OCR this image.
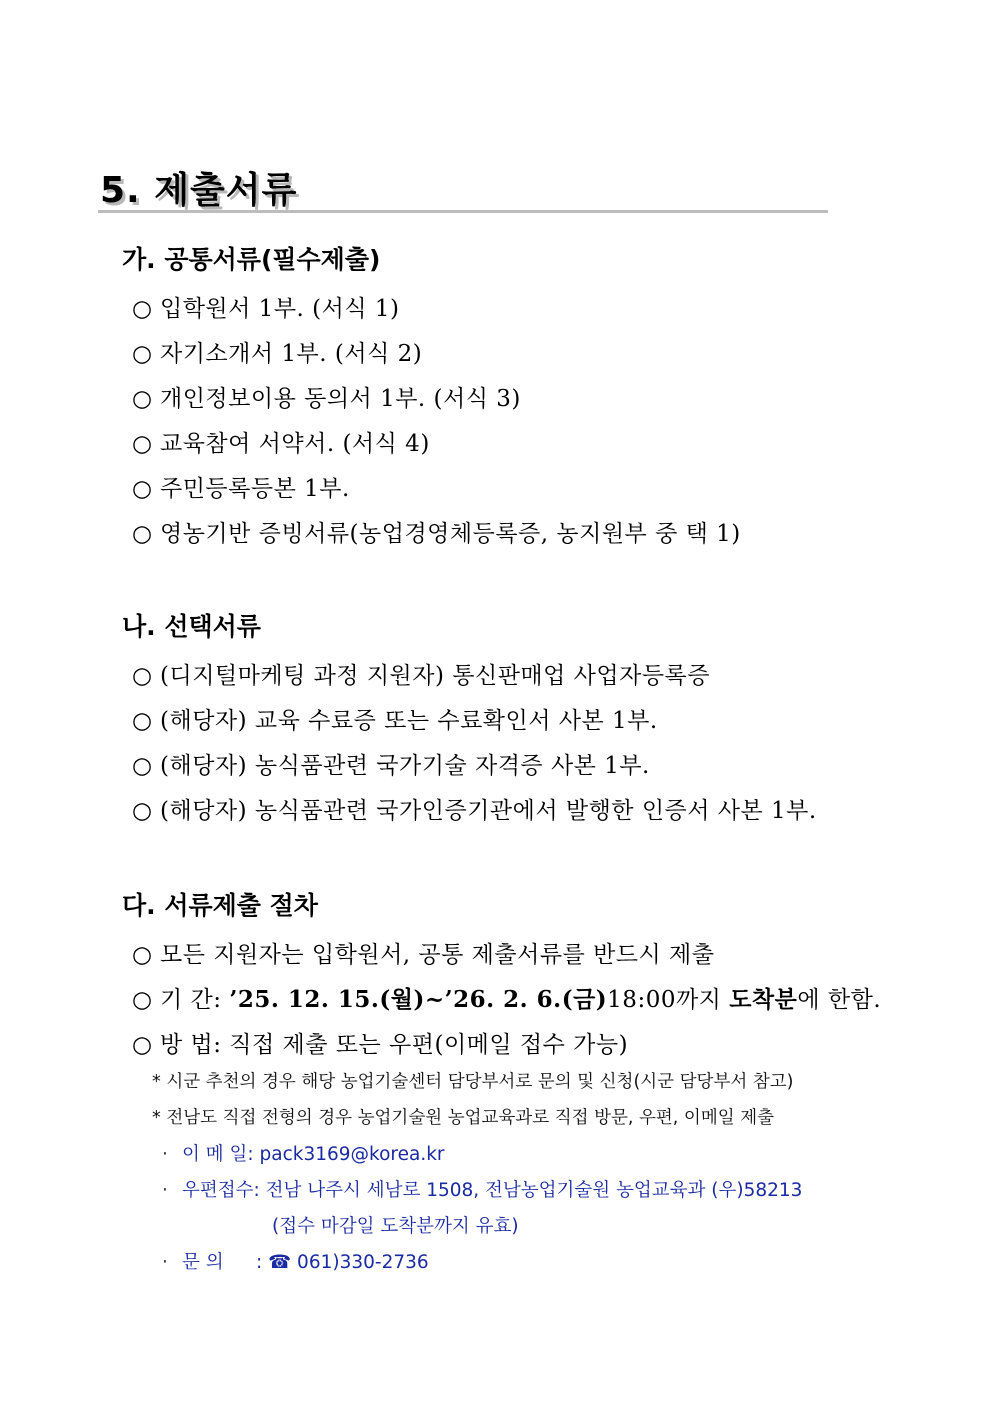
5. 제출서류
가. 공통서류(필수제출)
○ 입학원서 1부. (서식 1)
○ 자기소개서 1부. (서식 2)
○ 개인정보이용 동의서 1부. (서식 3)
○ 교육참여 서약서. (서식 4)
○ 주민등록등본 1부.
○ 영농기반 증빙서류(농업경영체등록증, 농지원부 중 택 1)
나. 선택서류
○ (디지털마케팅 과정 지원자) 통신판매업 사업자등록증
○ (해당자) 교육 수료증 또는 수료확인서 사본 1부.
○ (해당자) 농식품관련 국가기술 자격증 사본 1부.
○ (해당자) 농식품관련 국가인증기관에서 발행한 인증서 사본 1부.
다. 서류제출 절차
○ 모든 지원자는 입학원서, 공통 제출서류를 반드시 제출
○ 기 간: ’25. 12. 15.(월)~’26. 2. 6.(금)18:00까지 도착분에 한함.
○ 방 법: 직접 제출 또는 우편(이메일 접수 가능)
* 시군 추천의 경우 해당 농업기술센터 담당부서로 문의 및 신청(시군 담당부서 참고)
* 전남도 직접 전형의 경우 농업기술원 농업교육과로 직접 방문, 우편, 이메일 제출
· 이 메 일: pack3169@korea.kr
· 우편접수: 전남 나주시 세남로 1508, 전남농업기술원 농업교육과 (우)58213
(접수 마감일 도착분까지 유효)
· 문 의 : ☎ 061)330-2736
